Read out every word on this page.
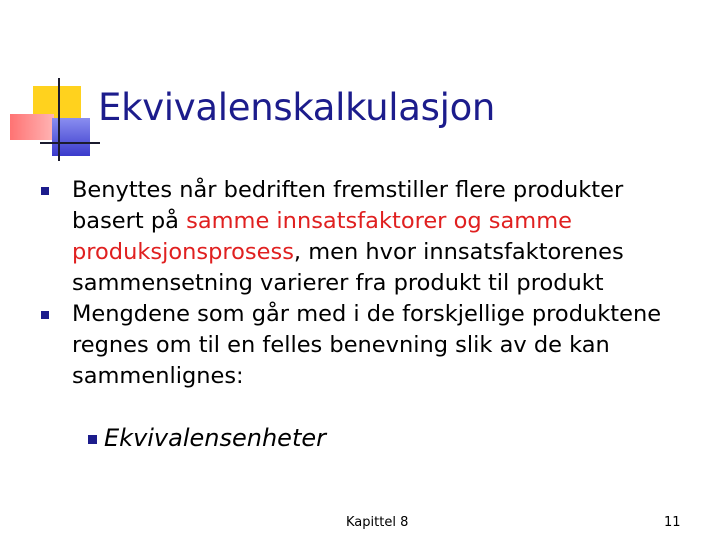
Ekvivalenskalkulasjon

Benyttes når bedriften fremstiller flere produkter basert på samme innsatsfaktorer og samme produksjonsprosess, men hvor innsatsfaktorenes sammensetning varierer fra produkt til produkt

Mengdene som går med i de forskjellige produktene regnes om til en felles benevning slik av de kan sammenlignes:

Ekvivalensenheter
Kapittel 8	11
